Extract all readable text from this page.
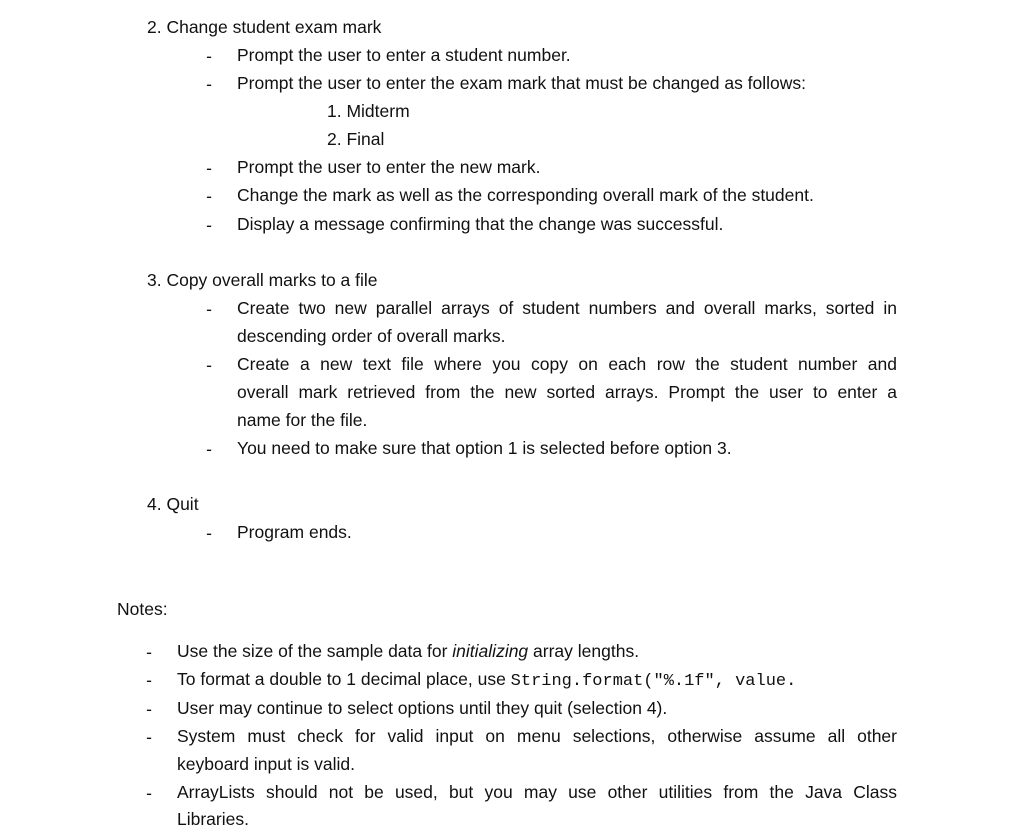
2. Change student exam mark
- Prompt the user to enter a student number.
- Prompt the user to enter the exam mark that must be changed as follows:
1. Midterm
2. Final
- Prompt the user to enter the new mark.
- Change the mark as well as the corresponding overall mark of the student.
- Display a message confirming that the change was successful.
3. Copy overall marks to a file
- Create two new parallel arrays of student numbers and overall marks, sorted in
descending order of overall marks.
- Create a new text file where you copy on each row the student number and
overall mark retrieved from the new sorted arrays. Prompt the user to enter a
name for the file.
- You need to make sure that option 1 is selected before option 3.
4. Quit
- Program ends.
Notes:
- Use the size of the sample data for initializing array lengths.
- To format a double to 1 decimal place, use String.format("%.1f", value.
- User may continue to select options until they quit (selection 4).
- System must check for valid input on menu selections, otherwise assume all other
keyboard input is valid.
- ArrayLists should not be used, but you may use other utilities from the Java Class
Libraries.
